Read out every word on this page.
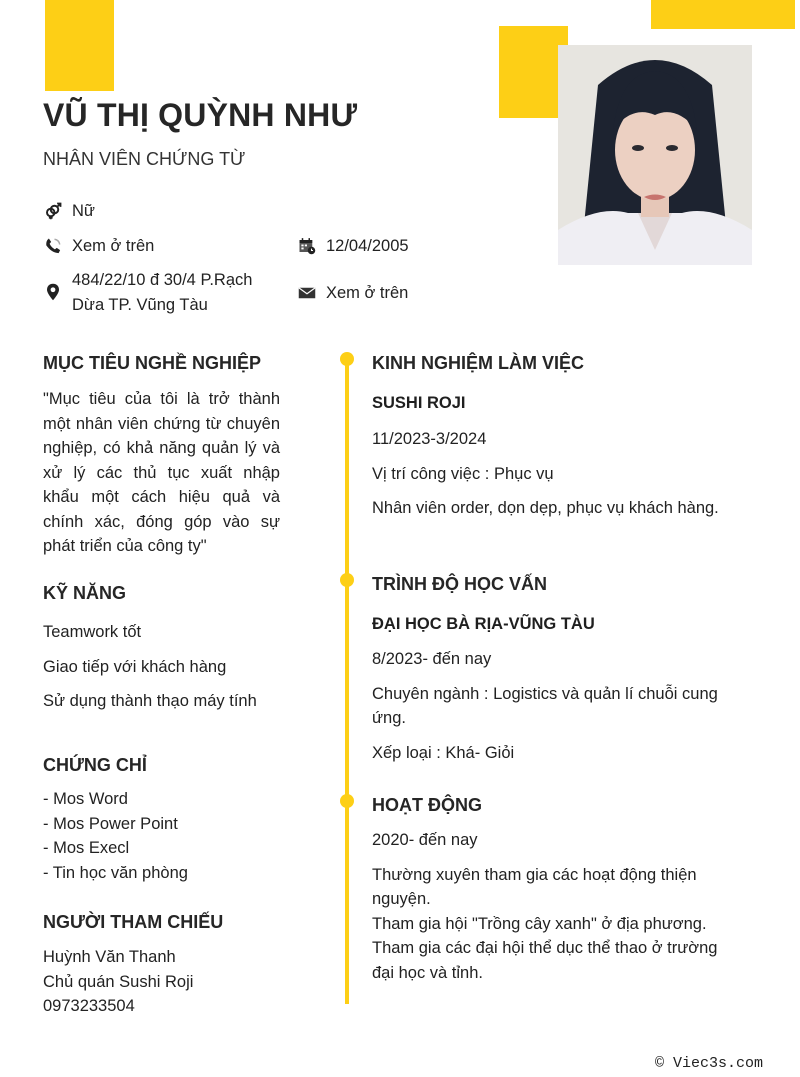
VŨ THỊ QUỲNH NHƯ
NHÂN VIÊN CHỨNG TỪ
Nữ
Xem ở trên
484/22/10 đ 30/4 P.Rạch
Dừa TP. Vũng Tàu
12/04/2005
Xem ở trên
MỤC TIÊU NGHỀ NGHIỆP
"Mục tiêu của tôi là trở thành một nhân viên chứng từ chuyên nghiệp, có khả năng quản lý và xử lý các thủ tục xuất nhập khẩu một cách hiệu quả và chính xác, đóng góp vào sự phát triển của công ty"
KỸ NĂNG
Teamwork tốt
Giao tiếp với khách hàng
Sử dụng thành thạo máy tính
CHỨNG CHỈ
- Mos Word
- Mos Power Point
- Mos Execl
- Tin học văn phòng
NGƯỜI THAM CHIẾU
Huỳnh Văn Thanh
Chủ quán Sushi Roji
0973233504
KINH NGHIỆM LÀM VIỆC
SUSHI ROJI
11/2023-3/2024
Vị trí công việc : Phục vụ
Nhân viên order, dọn dẹp, phục vụ khách hàng.
TRÌNH ĐỘ HỌC VẤN
ĐẠI HỌC BÀ RỊA-VŨNG TÀU
8/2023- đến nay
Chuyên ngành : Logistics và quản lí chuỗi cung ứng.
Xếp loại : Khá- Giỏi
HOẠT ĐỘNG
2020- đến nay
Thường xuyên tham gia các hoạt động thiện nguyện.
Tham gia hội "Trồng cây xanh" ở địa phương.
Tham gia các đại hội thể dục thể thao ở trường đại học và tỉnh.
© Viec3s.com
